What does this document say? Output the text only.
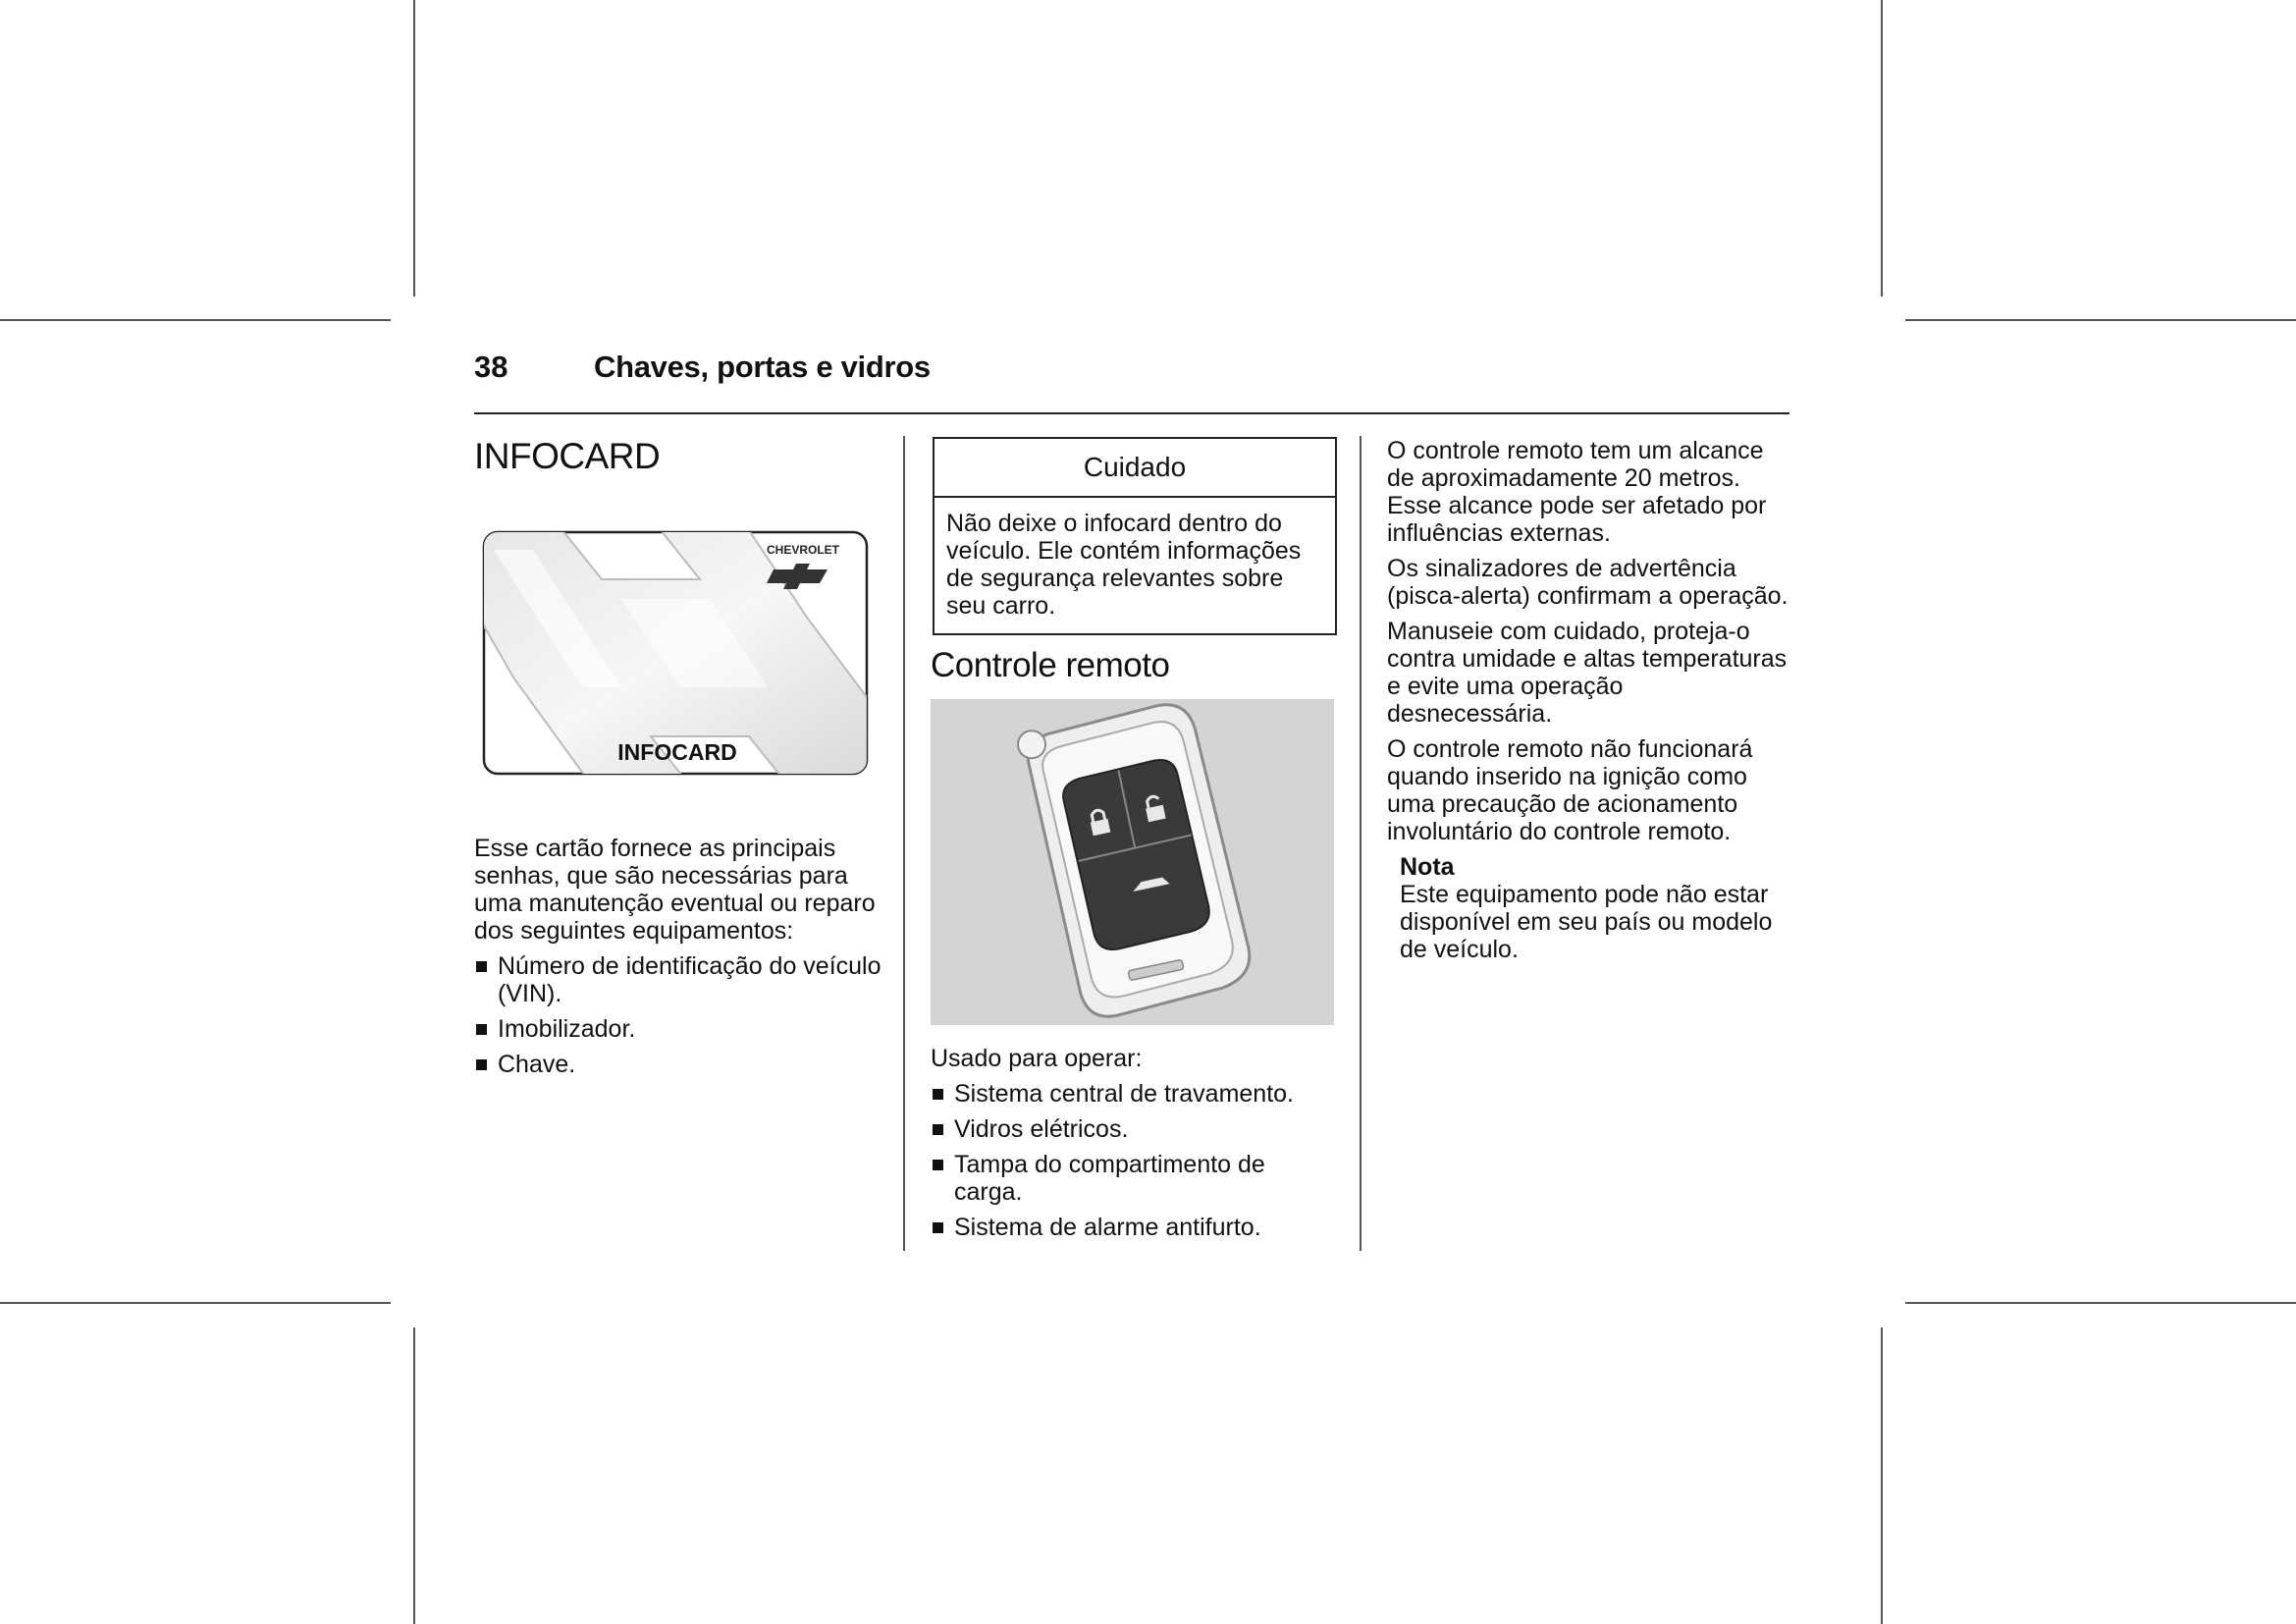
38	Chaves, portas e vidros
INFOCARD
CHEVROLET
INFOCARD

Esse cartão fornece as principais senhas, que são necessárias para uma manutenção eventual ou reparo dos seguintes equipamentos:

Número de identificação do veículo (VIN).
Imobilizador.
Chave.
Cuidado
Não deixe o infocard dentro do veículo. Ele contém informações de segurança relevantes sobre seu carro.
Controle remoto

Usado para operar:

Sistema central de travamento.
Vidros elétricos.
Tampa do compartimento de carga.
Sistema de alarme antifurto.

O controle remoto tem um alcance de aproximadamente 20 metros. Esse alcance pode ser afetado por influências externas.

Os sinalizadores de advertência (pisca-alerta) confirmam a operação.

Manuseie com cuidado, proteja-o contra umidade e altas temperaturas e evite uma operação desnecessária.

O controle remoto não funcionará quando inserido na ignição como uma precaução de acionamento involuntário do controle remoto.

Nota
Este equipamento pode não estar disponível em seu país ou modelo de veículo.
